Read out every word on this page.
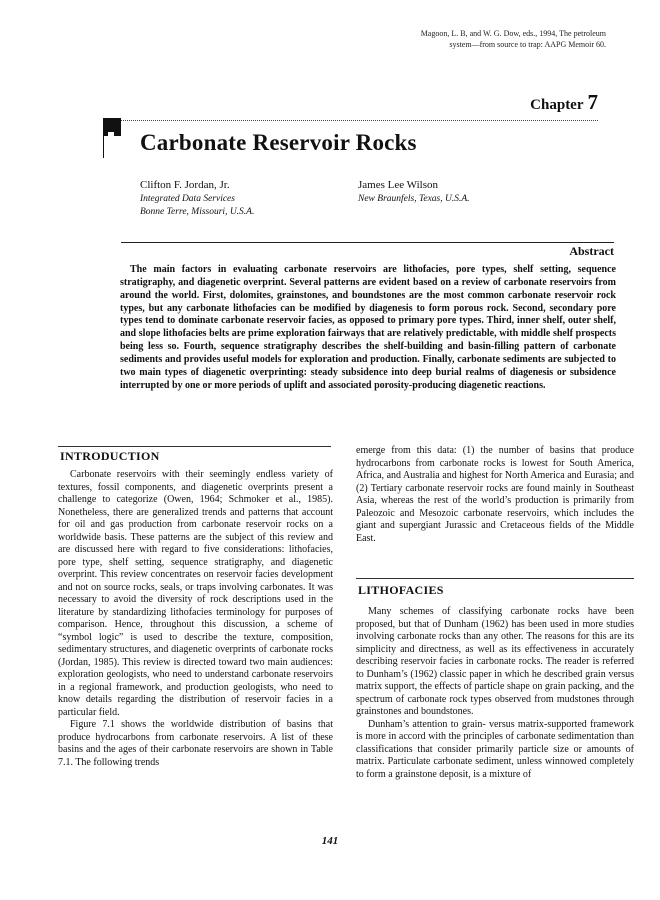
Magoon, L. B, and W. G. Dow, eds., 1994, The petroleum
system—from source to trap: AAPG Memoir 60.
Chapter 7
Carbonate Reservoir Rocks
Clifton F. Jordan, Jr.
Integrated Data Services
Bonne Terre, Missouri, U.S.A.
James Lee Wilson
New Braunfels, Texas, U.S.A.
Abstract

The main factors in evaluating carbonate reservoirs are lithofacies, pore types, shelf setting, sequence stratigraphy, and diagenetic overprint. Several patterns are evident based on a review of carbonate reservoirs from around the world. First, dolomites, grainstones, and boundstones are the most common carbonate reservoir rock types, but any carbonate lithofacies can be modified by diagenesis to form porous rock. Second, secondary pore types tend to dominate carbonate reservoir facies, as opposed to primary pore types. Third, inner shelf, outer shelf, and slope lithofacies belts are prime exploration fairways that are relatively predictable, with middle shelf prospects being less so. Fourth, sequence stratigraphy describes the shelf-building and basin-filling pattern of carbonate sediments and provides useful models for exploration and production. Finally, carbonate sediments are subjected to two main types of diagenetic overprinting: steady subsidence into deep burial realms of diagenesis or subsidence interrupted by one or more periods of uplift and associated porosity-producing diagenetic reactions.

INTRODUCTION

Carbonate reservoirs with their seemingly endless variety of textures, fossil components, and diagenetic overprints present a challenge to categorize (Owen, 1964; Schmoker et al., 1985). Nonetheless, there are generalized trends and patterns that account for oil and gas production from carbonate reservoir rocks on a worldwide basis. These patterns are the subject of this review and are discussed here with regard to five considerations: lithofacies, pore type, shelf setting, sequence stratigraphy, and diagenetic overprint. This review concentrates on reservoir facies development and not on source rocks, seals, or traps involving carbonates. It was necessary to avoid the diversity of rock descriptions used in the literature by standardizing lithofacies terminology for purposes of comparison. Hence, throughout this discussion, a scheme of “symbol logic” is used to describe the texture, composition, sedimentary structures, and diagenetic overprints of carbonate rocks (Jordan, 1985). This review is directed toward two main audiences: exploration geologists, who need to understand carbonate reservoirs in a regional framework, and production geologists, who need to know details regarding the distribution of reservoir facies in a particular field.

Figure 7.1 shows the worldwide distribution of basins that produce hydrocarbons from carbonate reservoirs. A list of these basins and the ages of their carbonate reservoirs are shown in Table 7.1. The following trends

emerge from this data: (1) the number of basins that produce hydrocarbons from carbonate rocks is lowest for South America, Africa, and Australia and highest for North America and Eurasia; and (2) Tertiary carbonate reservoir rocks are found mainly in Southeast Asia, whereas the rest of the world’s production is primarily from Paleozoic and Mesozoic carbonate reservoirs, which includes the giant and supergiant Jurassic and Cretaceous fields of the Middle East.

LITHOFACIES

Many schemes of classifying carbonate rocks have been proposed, but that of Dunham (1962) has been used in more studies involving carbonate rocks than any other. The reasons for this are its simplicity and directness, as well as its effectiveness in accurately describing reservoir facies in carbonate rocks. The reader is referred to Dunham’s (1962) classic paper in which he described grain versus matrix support, the effects of particle shape on grain packing, and the spectrum of carbonate rock types observed from mudstones through grainstones and boundstones.

Dunham’s attention to grain- versus matrix-supported framework is more in accord with the principles of carbonate sedimentation than classifications that consider primarily particle size or amounts of matrix. Particulate carbonate sediment, unless winnowed completely to form a grainstone deposit, is a mixture of

141
